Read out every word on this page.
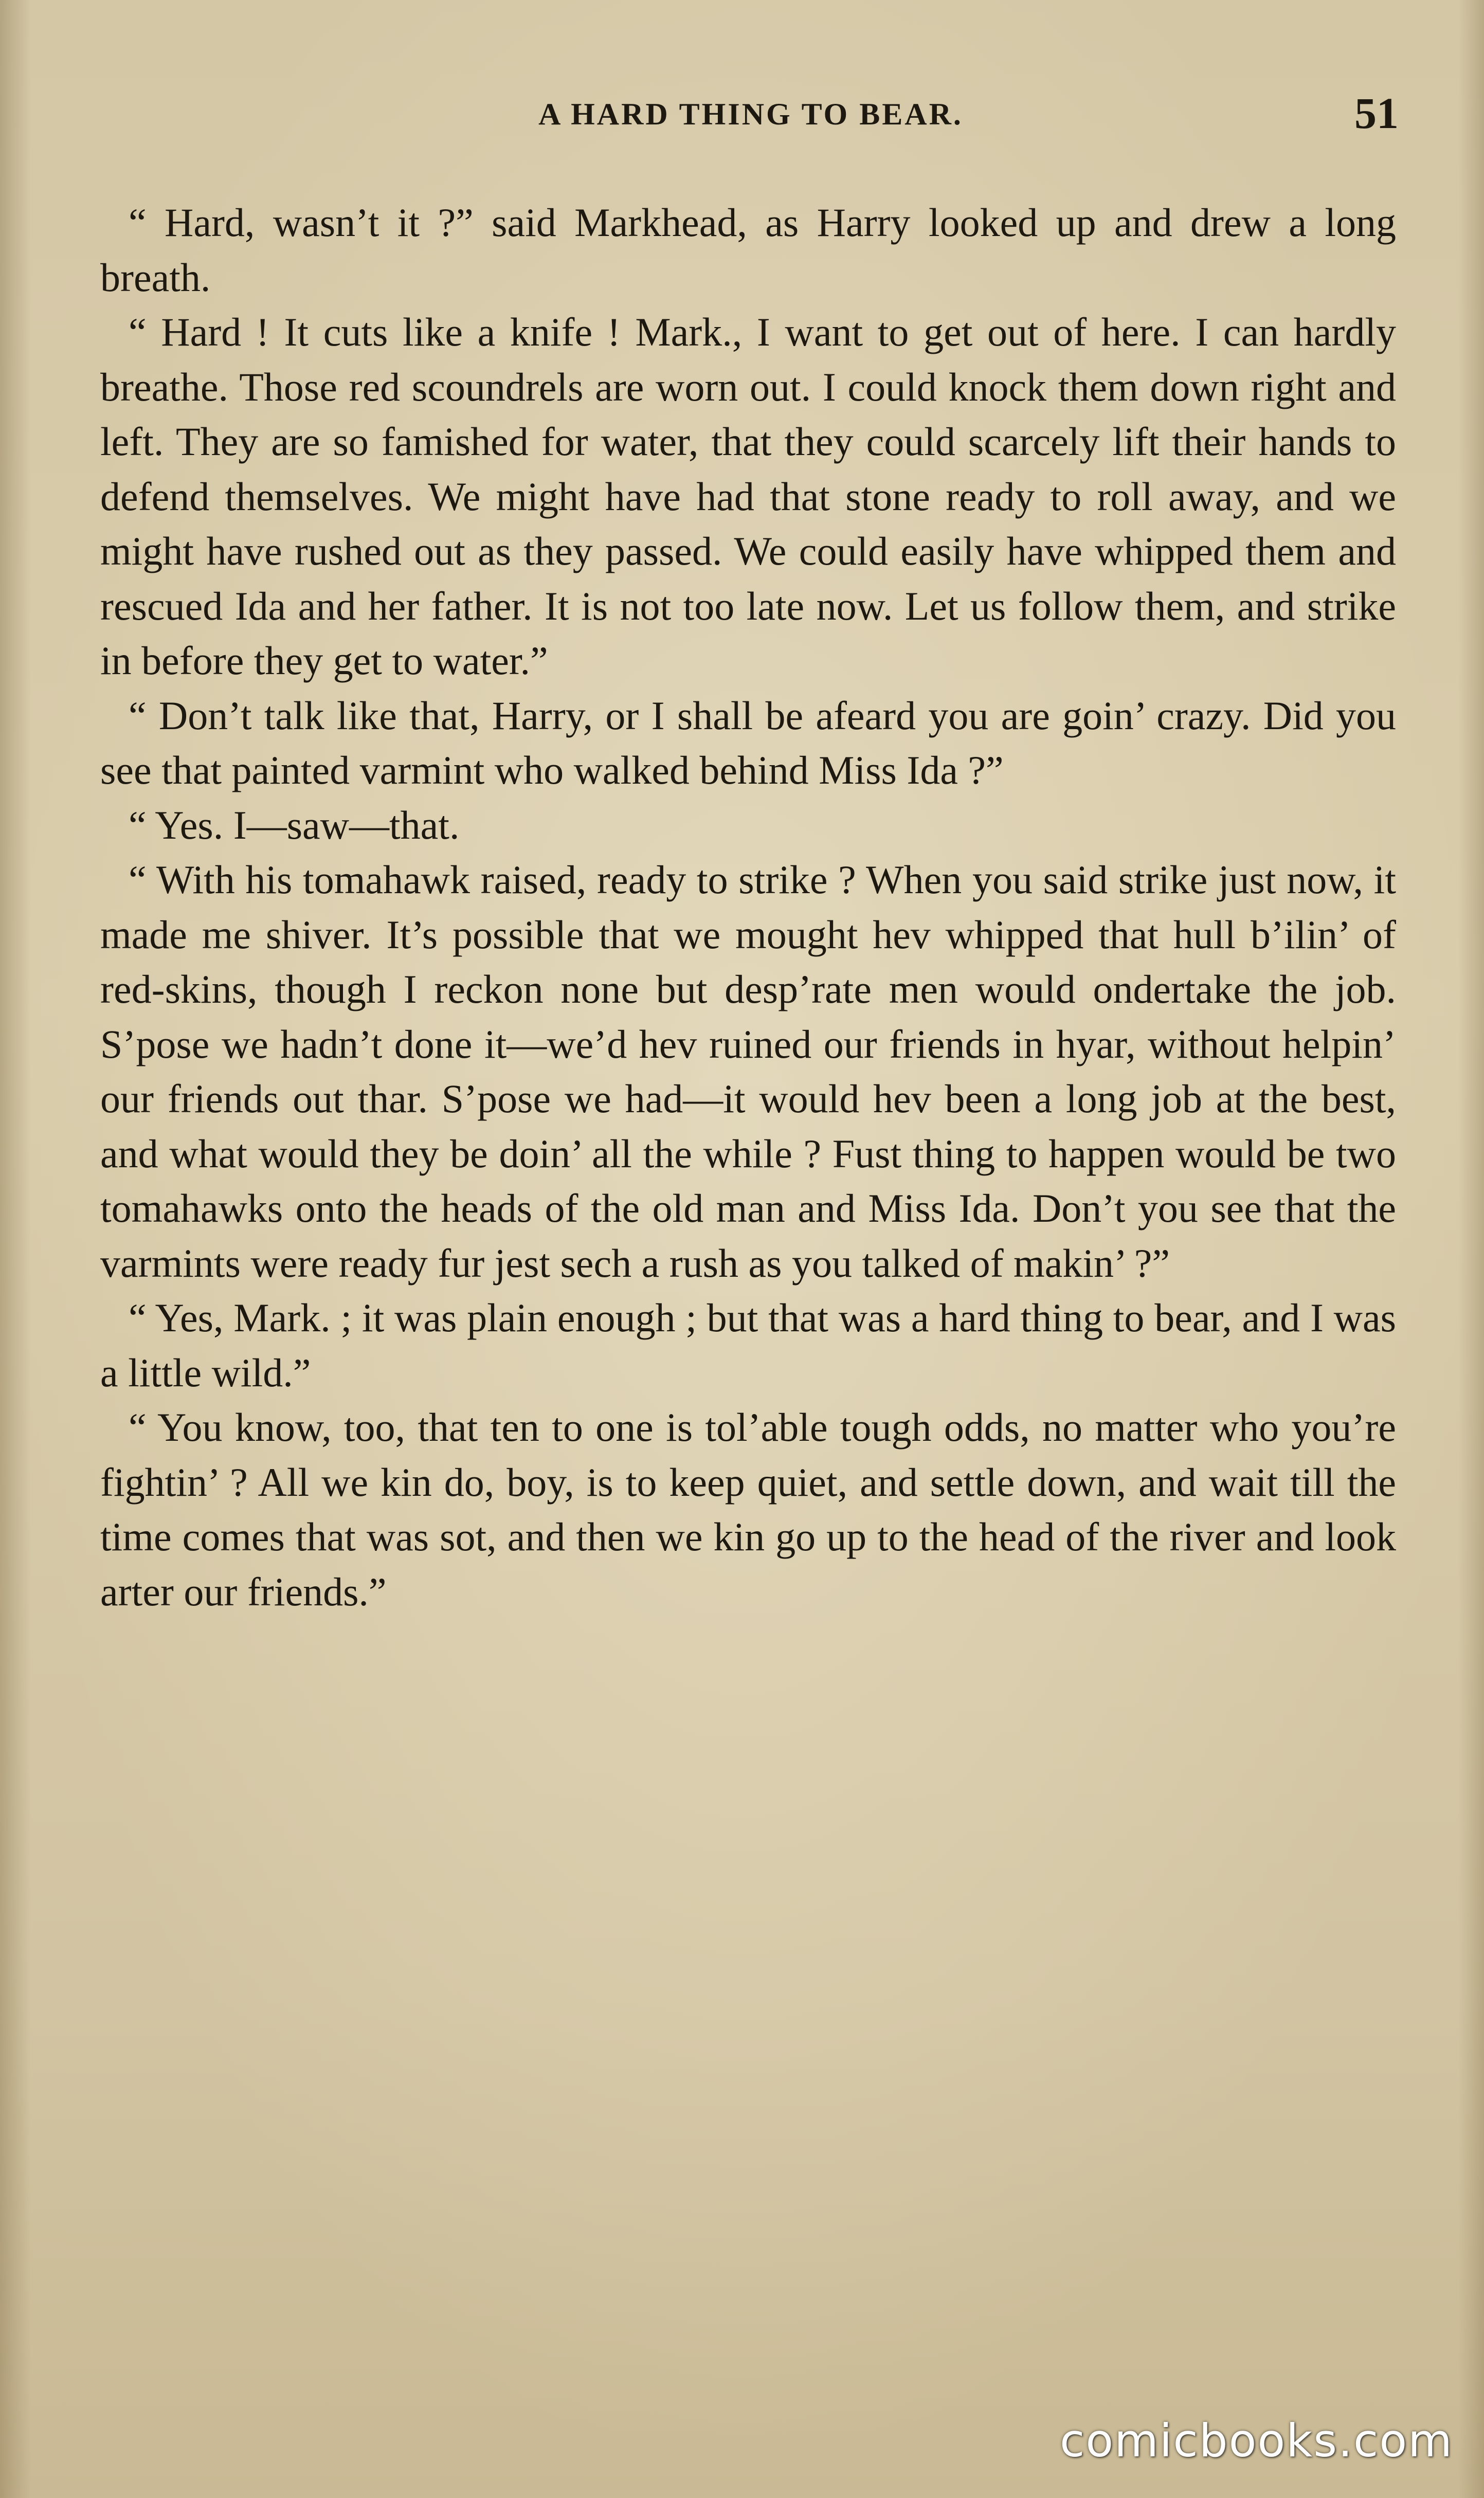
A HARD THING TO BEAR.	51

“ Hard, wasn’t it ?” said Markhead, as Harry looked up and drew a long breath.

“ Hard ! It cuts like a knife ! Mark., I want to get out of here. I can hardly breathe. Those red scoundrels are worn out. I could knock them down right and left. They are so famished for water, that they could scarcely lift their hands to defend themselves. We might have had that stone ready to roll away, and we might have rushed out as they passed. We could easily have whipped them and rescued Ida and her father. It is not too late now. Let us follow them, and strike in before they get to water.”

“ Don’t talk like that, Harry, or I shall be afeard you are goin’ crazy. Did you see that painted varmint who walked behind Miss Ida ?”

“ Yes. I—saw—that.

“ With his tomahawk raised, ready to strike ? When you said strike just now, it made me shiver. It’s possible that we mought hev whipped that hull b’ilin’ of red-skins, though I reckon none but desp’rate men would ondertake the job. S’pose we hadn’t done it—we’d hev ruined our friends in hyar, without helpin’ our friends out thar. S’pose we had—it would hev been a long job at the best, and what would they be doin’ all the while ? Fust thing to happen would be two tomahawks onto the heads of the old man and Miss Ida. Don’t you see that the varmints were ready fur jest sech a rush as you talked of makin’ ?”

“ Yes, Mark. ; it was plain enough ; but that was a hard thing to bear, and I was a little wild.”

“ You know, too, that ten to one is tol’able tough odds, no matter who you’re fightin’ ? All we kin do, boy, is to keep quiet, and settle down, and wait till the time comes that was sot, and then we kin go up to the head of the river and look arter our friends.”

comicbooks.com
